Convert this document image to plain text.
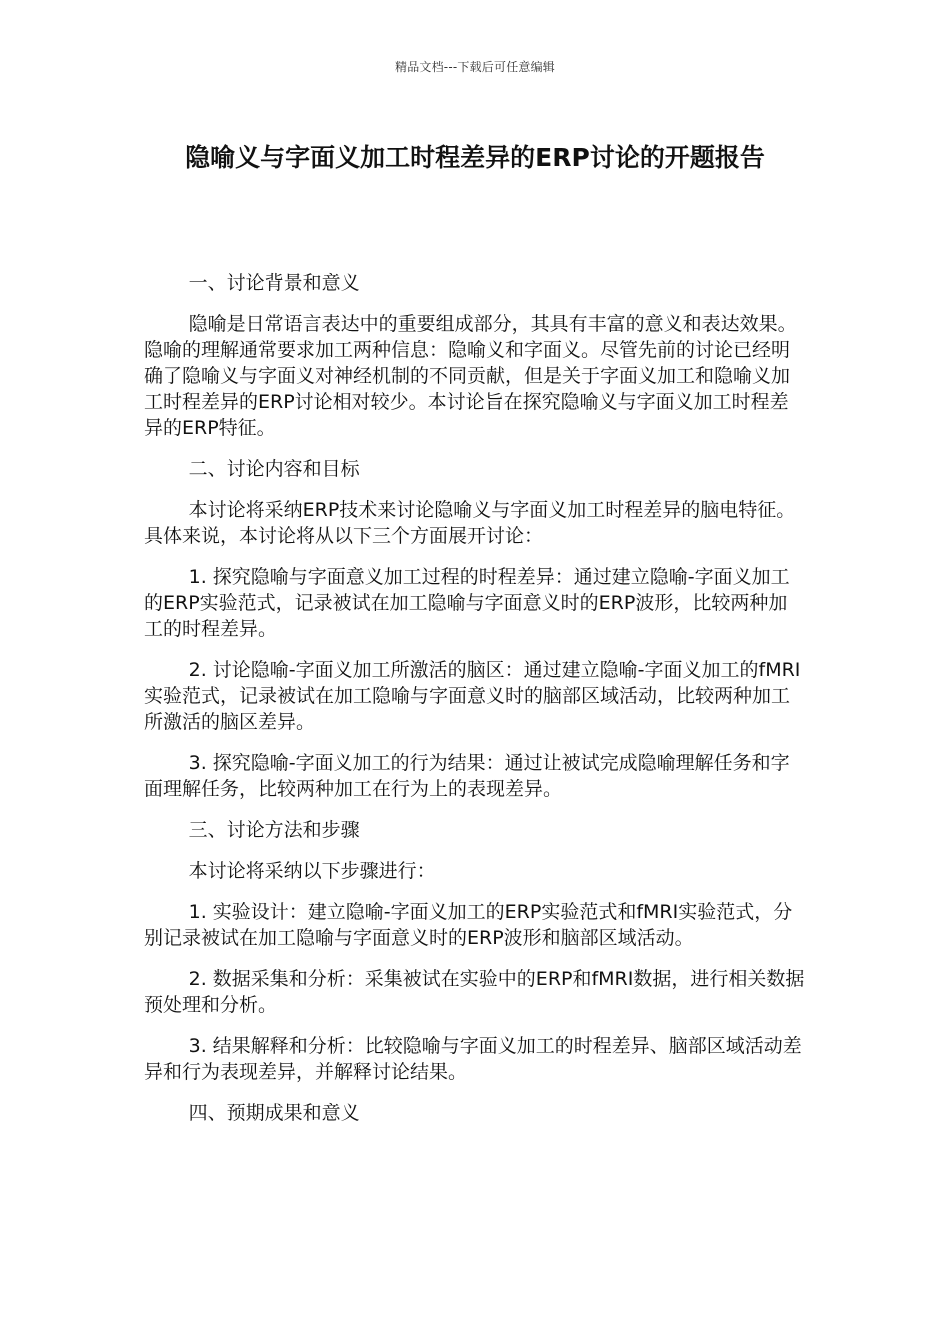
精品文档---下载后可任意编辑
隐喻义与字面义加工时程差异的ERP讨论的开题报告

一、讨论背景和意义

隐喻是日常语言表达中的重要组成部分，其具有丰富的意义和表达效果。隐喻的理解通常要求加工两种信息：隐喻义和字面义。尽管先前的讨论已经明确了隐喻义与字面义对神经机制的不同贡献，但是关于字面义加工和隐喻义加工时程差异的ERP讨论相对较少。本讨论旨在探究隐喻义与字面义加工时程差异的ERP特征。

二、讨论内容和目标

本讨论将采纳ERP技术来讨论隐喻义与字面义加工时程差异的脑电特征。具体来说，本讨论将从以下三个方面展开讨论：

1. 探究隐喻与字面意义加工过程的时程差异：通过建立隐喻-字面义加工的ERP实验范式，记录被试在加工隐喻与字面意义时的ERP波形，比较两种加工的时程差异。

2. 讨论隐喻-字面义加工所激活的脑区：通过建立隐喻-字面义加工的fMRI实验范式，记录被试在加工隐喻与字面意义时的脑部区域活动，比较两种加工所激活的脑区差异。

3. 探究隐喻-字面义加工的行为结果：通过让被试完成隐喻理解任务和字面理解任务，比较两种加工在行为上的表现差异。

三、讨论方法和步骤

本讨论将采纳以下步骤进行：

1. 实验设计：建立隐喻-字面义加工的ERP实验范式和fMRI实验范式，分别记录被试在加工隐喻与字面意义时的ERP波形和脑部区域活动。

2. 数据采集和分析：采集被试在实验中的ERP和fMRI数据，进行相关数据预处理和分析。

3. 结果解释和分析：比较隐喻与字面义加工的时程差异、脑部区域活动差异和行为表现差异，并解释讨论结果。

四、预期成果和意义
